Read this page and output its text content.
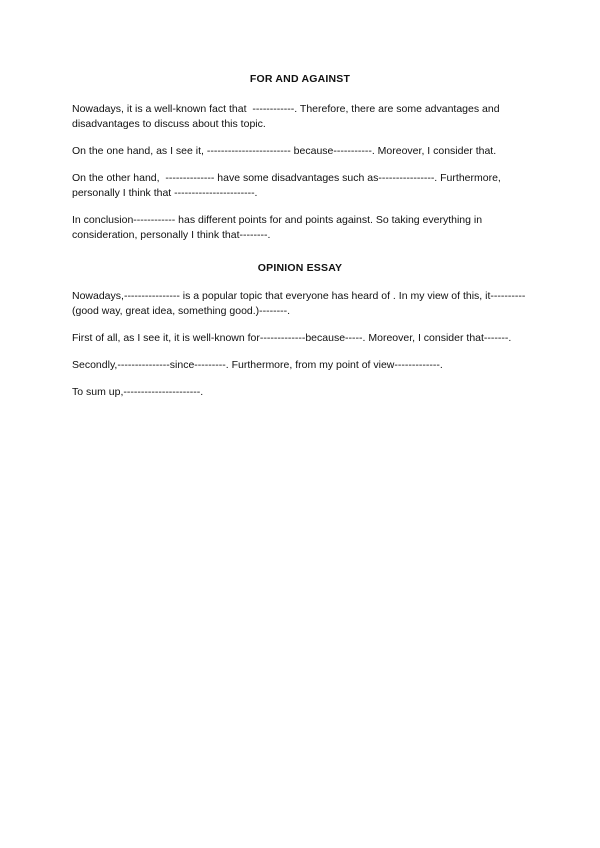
FOR AND AGAINST

Nowadays, it is a well-known fact that  ------------. Therefore, there are some advantages and disadvantages to discuss about this topic.

On the one hand, as I see it, ------------------------ because-----------. Moreover, I consider that.

On the other hand,  -------------- have some disadvantages such as----------------. Furthermore, personally I think that -----------------------.

In conclusion------------ has different points for and points against. So taking everything in consideration, personally I think that--------.

OPINION ESSAY

Nowadays,---------------- is a popular topic that everyone has heard of . In my view of this, it----------(good way, great idea, something good.)--------.

First of all, as I see it, it is well-known for-------------because-----. Moreover, I consider that-------.

Secondly,---------------since---------. Furthermore, from my point of view-------------.

To sum up,----------------------.
